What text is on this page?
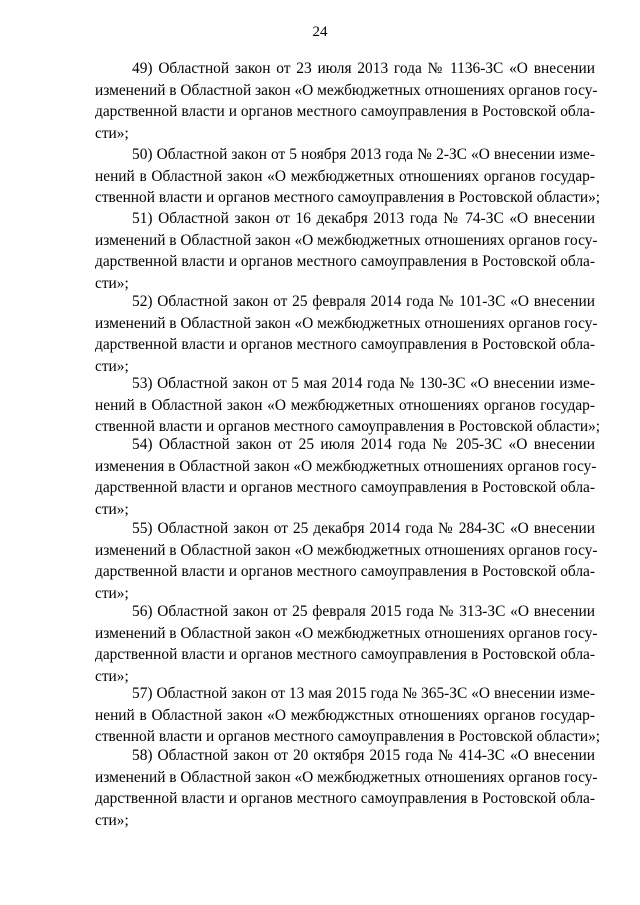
24
49) Областной закон от 23 июля 2013 года № 1136-ЗС «О внесении
изменений в Областной закон «О межбюджетных отношениях органов госу-
дарственной власти и органов местного самоуправления в Ростовской обла-
сти»;
50) Областной закон от 5 ноября 2013 года № 2-ЗС «О внесении изме-
нений в Областной закон «О межбюджетных отношениях органов государ-
ственной власти и органов местного самоуправления в Ростовской области»;
51) Областной закон от 16 декабря 2013 года № 74-ЗС «О внесении
изменений в Областной закон «О межбюджетных отношениях органов госу-
дарственной власти и органов местного самоуправления в Ростовской обла-
сти»;
52) Областной закон от 25 февраля 2014 года № 101-ЗС «О внесении
изменений в Областной закон «О межбюджетных отношениях органов госу-
дарственной власти и органов местного самоуправления в Ростовской обла-
сти»;
53) Областной закон от 5 мая 2014 года № 130-ЗС «О внесении изме-
нений в Областной закон «О межбюджетных отношениях органов государ-
ственной власти и органов местного самоуправления в Ростовской области»;
54) Областной закон от 25 июля 2014 года № 205-ЗС «О внесении
изменения в Областной закон «О межбюджетных отношениях органов госу-
дарственной власти и органов местного самоуправления в Ростовской обла-
сти»;
55) Областной закон от 25 декабря 2014 года № 284-ЗС «О внесении
изменений в Областной закон «О межбюджетных отношениях органов госу-
дарственной власти и органов местного самоуправления в Ростовской обла-
сти»;
56) Областной закон от 25 февраля 2015 года № 313-ЗС «О внесении
изменений в Областной закон «О межбюджетных отношениях органов госу-
дарственной власти и органов местного самоуправления в Ростовской обла-
сти»;
57) Областной закон от 13 мая 2015 года № 365-ЗС «О внесении изме-
нений в Областной закон «О межбюджстных отношениях органов государ-
ственной власти и органов местного самоуправления в Ростовской области»;
58) Областной закон от 20 октября 2015 года № 414-ЗС «О внесении
изменений в Областной закон «О межбюджетных отношениях органов госу-
дарственной власти и органов местного самоуправления в Ростовской обла-
сти»;
